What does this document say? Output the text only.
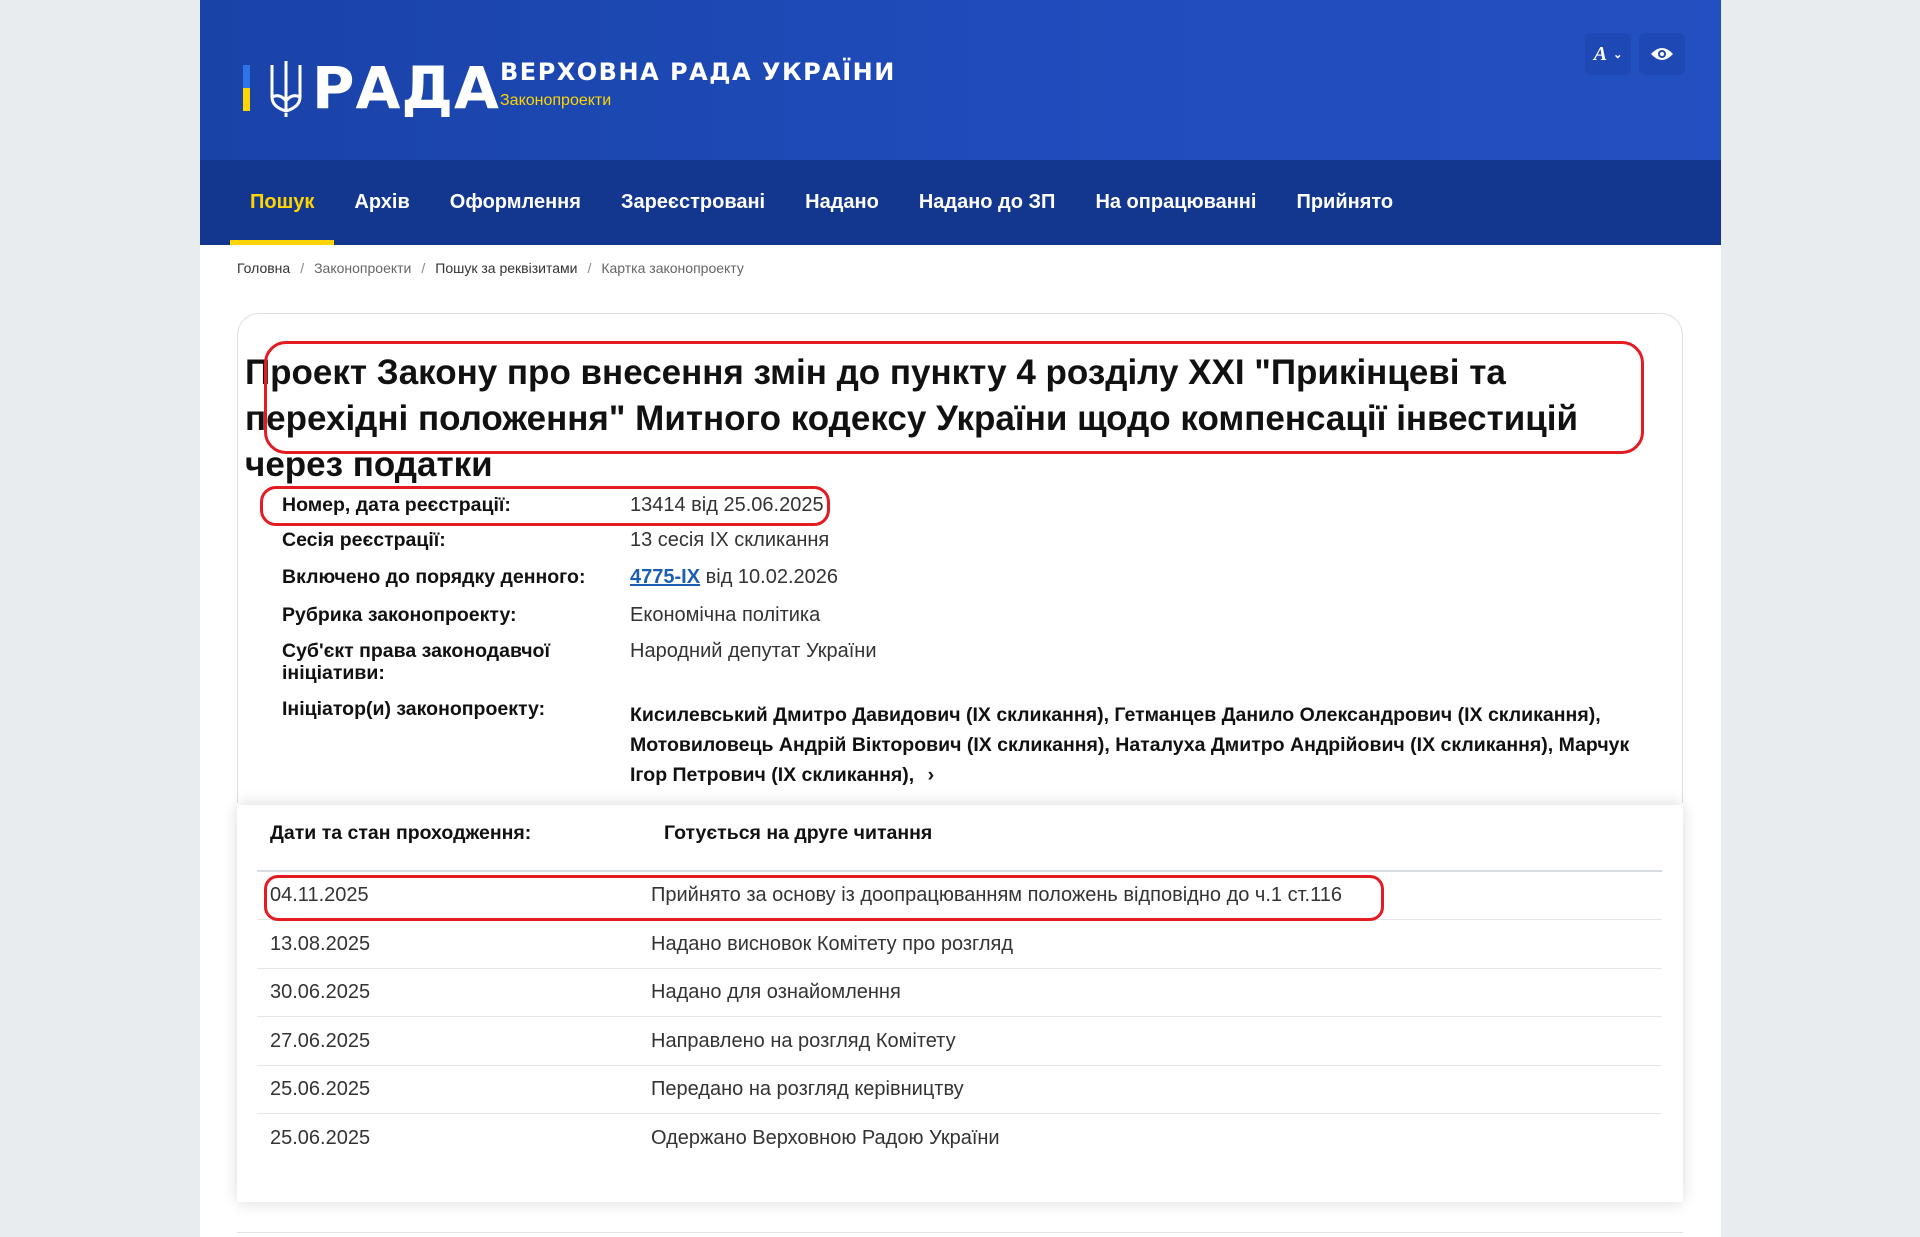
РАДА ВЕРХОВНА РАДА УКРАЇНИ
Законопроекти
A ⌄
Пошук	Архів	Оформлення	Зареєстровані	Надано	Надано до ЗП	На опрацюванні	Прийнято
Головна / Законопроекти / Пошук за реквізитами / Картка законопроекту
Проект Закону про внесення змін до пункту 4 розділу XXI "Прикінцеві та перехідні положення" Митного кодексу України щодо компенсації інвестицій через податки
Номер, дата реєстрації:	13414 від 25.06.2025
Сесія реєстрації:	13 сесія IX скликання
Включено до порядку денного:	4775-IX від 10.02.2026
Рубрика законопроекту:	Економічна політика
Суб'єкт права законодавчої ініціативи:
Народний депутат України
Ініціатор(и) законопроекту:	Кисилевський Дмитро Давидович (IX скликання), Гетманцев Данило Олександрович (IX скликання),
Мотовиловець Андрій Вікторович (IX скликання), Наталуха Дмитро Андрійович (IX скликання), Марчук
Ігор Петрович (IX скликання), ›
Дати та стан проходження:	Готується на друге читання
04.11.2025	Прийнято за основу із доопрацюванням положень відповідно до ч.1 ст.116
13.08.2025	Надано висновок Комітету про розгляд
30.06.2025	Надано для ознайомлення
27.06.2025	Направлено на розгляд Комітету
25.06.2025	Передано на розгляд керівництву
25.06.2025	Одержано Верховною Радою України
